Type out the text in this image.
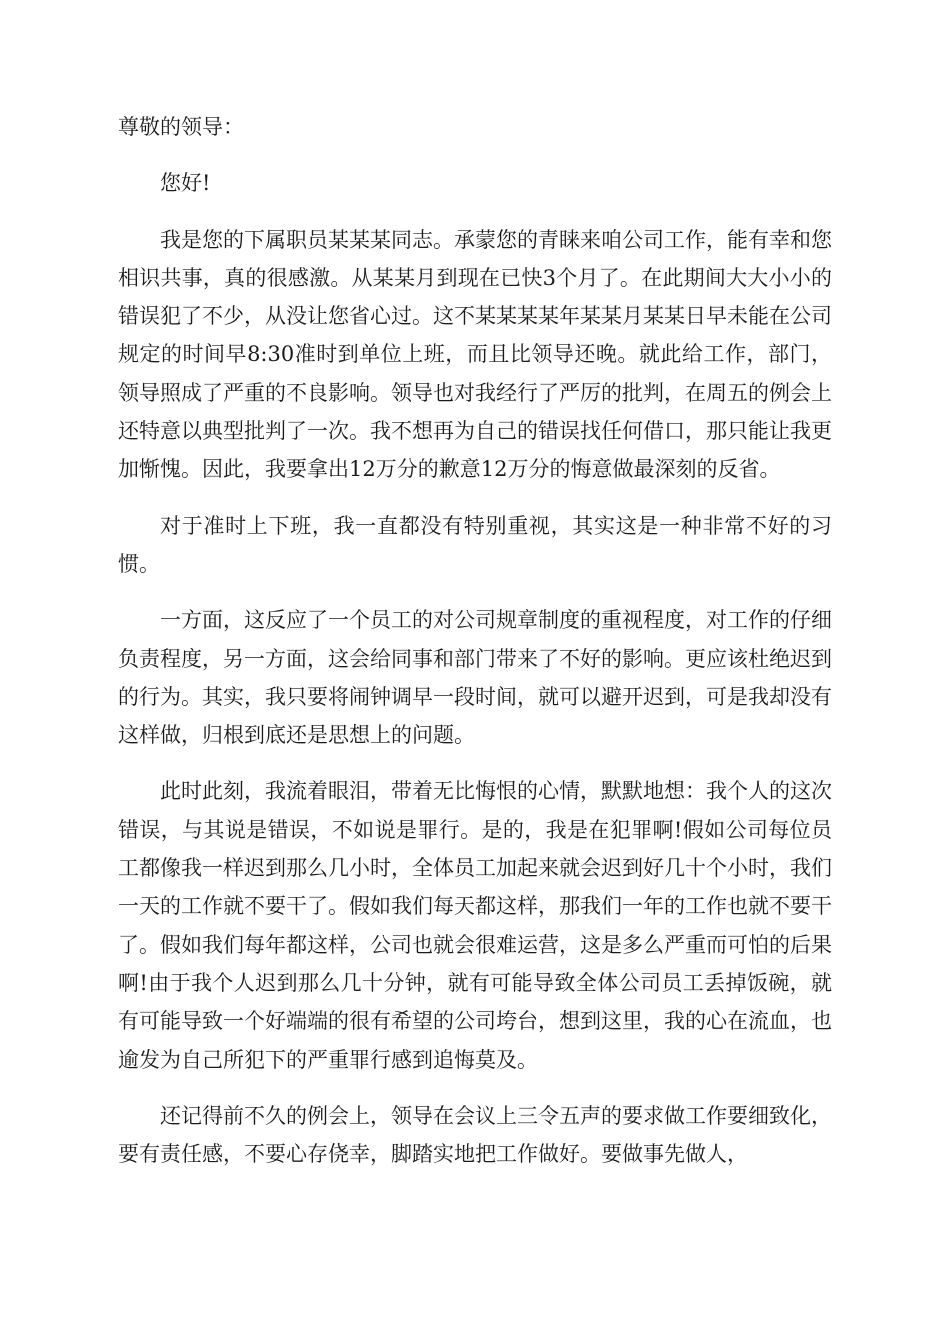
尊敬的领导：

您好!

我是您的下属职员某某某同志。承蒙您的青睐来咱公司工作，能有幸和您相识共事，真的很感激。从某某月到现在已快3个月了。在此期间大大小小的错误犯了不少，从没让您省心过。这不某某某某年某某月某某日早未能在公司规定的时间早8:30准时到单位上班，而且比领导还晚。就此给工作，部门，领导照成了严重的不良影响。领导也对我经行了严厉的批判，在周五的例会上还特意以典型批判了一次。我不想再为自己的错误找任何借口，那只能让我更加惭愧。因此，我要拿出12万分的歉意12万分的悔意做最深刻的反省。

对于准时上下班，我一直都没有特别重视，其实这是一种非常不好的习惯。

一方面，这反应了一个员工的对公司规章制度的重视程度，对工作的仔细负责程度，另一方面，这会给同事和部门带来了不好的影响。更应该杜绝迟到的行为。其实，我只要将闹钟调早一段时间，就可以避开迟到，可是我却没有这样做，归根到底还是思想上的问题。

此时此刻，我流着眼泪，带着无比悔恨的心情，默默地想：我个人的这次错误，与其说是错误，不如说是罪行。是的，我是在犯罪啊!假如公司每位员工都像我一样迟到那么几小时，全体员工加起来就会迟到好几十个小时，我们一天的工作就不要干了。假如我们每天都这样，那我们一年的工作也就不要干了。假如我们每年都这样，公司也就会很难运营，这是多么严重而可怕的后果啊!由于我个人迟到那么几十分钟，就有可能导致全体公司员工丢掉饭碗，就有可能导致一个好端端的很有希望的公司垮台，想到这里，我的心在流血，也逾发为自己所犯下的严重罪行感到追悔莫及。

还记得前不久的例会上，领导在会议上三令五声的要求做工作要细致化，要有责任感，不要心存侥幸，脚踏实地把工作做好。要做事先做人，
